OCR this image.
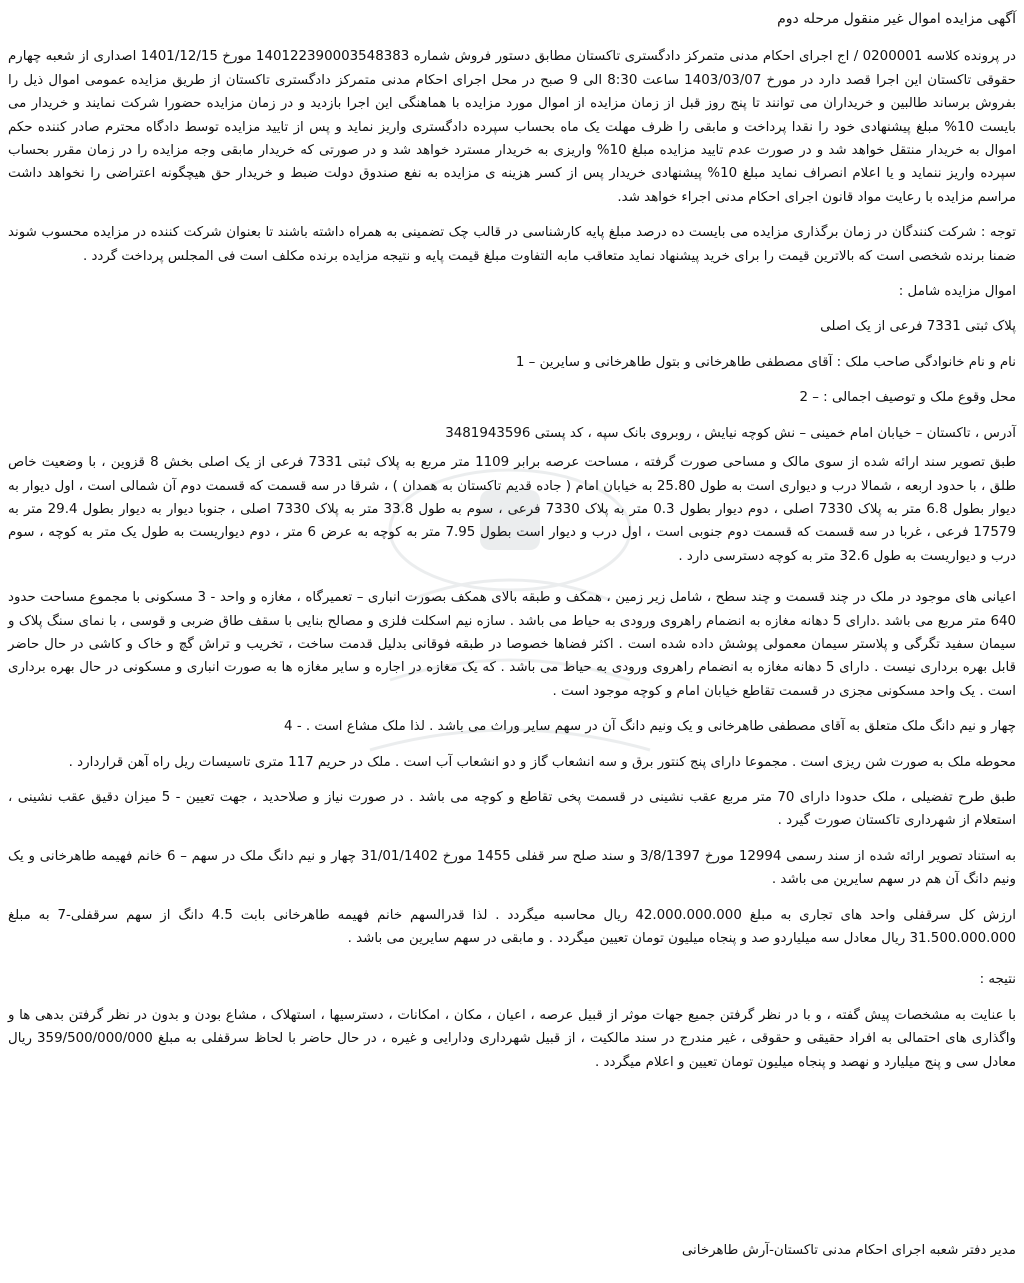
آگهی مزایده اموال غیر منقول مرحله دوم

در پرونده کلاسه 0200001 / اج اجرای احکام مدنی متمرکز دادگستری تاکستان مطابق دستور فروش شماره 140122390003548383 مورخ 1401/12/15 اصداری از شعبه چهارم حقوقی تاکستان این اجرا قصد دارد در مورخ 1403/03/07 ساعت 8:30 الی 9 صبح در محل اجرای احکام مدنی متمرکز دادگستری تاکستان از طریق مزایده عمومی اموال ذیل را بفروش برساند طالبین و خریداران می توانند تا پنج روز قبل از زمان مزایده از اموال مورد مزایده با هماهنگی این اجرا بازدید و در زمان مزایده حضورا شرکت نمایند و خریدار می بایست 10% مبلغ پیشنهادی خود را نقدا پرداخت و مابقی را ظرف مهلت یک ماه بحساب سپرده دادگستری واریز نماید و پس از تایید مزایده توسط دادگاه محترم صادر کننده حکم اموال به خریدار منتقل خواهد شد و در صورت عدم تایید مزایده مبلغ 10% واریزی به خریدار مسترد خواهد شد و در صورتی که خریدار مابقی وجه مزایده را در زمان مقرر بحساب سپرده واریز ننماید و یا اعلام انصراف نماید مبلغ 10% پیشنهادی خریدار پس از کسر هزینه ی مزایده به نفع صندوق دولت ضبط و خریدار حق هیچگونه اعتراضی را نخواهد داشت مراسم مزایده با رعایت مواد قانون اجرای احکام مدنی اجراء خواهد شد.

توجه : شرکت کنندگان در زمان برگذاری مزایده می بایست ده درصد مبلغ پایه کارشناسی در قالب چک تضمینی به همراه داشته باشند تا بعنوان شرکت کننده در مزایده محسوب شوند ضمنا برنده شخصی است که بالاترین قیمت را برای خرید پیشنهاد نماید متعاقب مابه التفاوت مبلغ قیمت پایه و نتیجه مزایده برنده مکلف است فی المجلس پرداخت گردد .

اموال مزایده شامل :

پلاک ثبتی 7331 فرعی از یک اصلی

نام و نام خانوادگی صاحب ملک : آقای مصطفی طاهرخانی و بتول طاهرخانی و سایرین – 1

محل وقوع ملک و توصیف اجمالی : – 2

آدرس ، تاکستان – خیابان امام خمینی – نش کوچه نیایش ، روبروی بانک سپه ، کد پستی 3481943596

طبق تصویر سند ارائه شده از سوی مالک و مساحی صورت گرفته ، مساحت عرصه برابر 1109 متر مربع به پلاک ثبتی 7331 فرعی از یک اصلی بخش 8 قزوین ، با وضعیت خاص طلق ، با حدود اربعه ، شمالا درب و دیواری است به طول 25.80 به خیابان امام ( جاده قدیم تاکستان به همدان ) ، شرقا در سه قسمت که قسمت دوم آن شمالی است ، اول دیوار به دیوار بطول 6.8 متر به پلاک 7330 اصلی ، دوم دیوار بطول 0.3 متر به پلاک 7330 فرعی ، سوم به طول 33.8 متر به پلاک 7330 اصلی ، جنوبا دیوار به دیوار بطول 29.4 متر به 17579 فرعی ، غربا در سه قسمت که قسمت دوم جنوبی است ، اول درب و دیوار است بطول 7.95 متر به کوچه به عرض 6 متر ، دوم دیواریست به طول یک متر به کوچه ، سوم درب و دیواریست به طول 32.6 متر به کوچه دسترسی دارد .

اعیانی های موجود در ملک در چند قسمت و چند سطح ، شامل زیر زمین ، همکف و طبقه بالای همکف بصورت انباری – تعمیرگاه ، مغازه و واحد - 3 مسکونی با مجموع مساحت حدود 640 متر مربع می باشد .دارای 5 دهانه مغازه به انضمام راهروی ورودی به حیاط می باشد . سازه نیم اسکلت فلزی و مصالح بنایی با سقف طاق ضربی و قوسی ، با نمای سنگ پلاک و سیمان سفید تگرگی و پلاستر سیمان معمولی پوشش داده شده است . اکثر فضاها خصوصا در طبقه فوقانی بدلیل قدمت ساخت ، تخریب و تراش گچ و خاک و کاشی در حال حاضر قابل بهره برداری نیست . دارای 5 دهانه مغازه به انضمام راهروی ورودی به حیاط می باشد . که یک مغازه در اجاره و سایر مغازه ها به صورت انباری و مسکونی در حال بهره برداری است . یک واحد مسکونی مجزی در قسمت تقاطع خیابان امام و کوچه موجود است .

چهار و نیم دانگ ملک متعلق به آقای مصطفی طاهرخانی و یک ونیم دانگ آن در سهم سایر وراث می باشد . لذا ملک مشاع است . - 4

محوطه ملک به صورت شن ریزی است . مجموعا دارای پنج کنتور برق و سه انشعاب گاز و دو انشعاب آب است . ملک در حریم 117 متری تاسیسات ریل راه آهن قراردارد .

طبق طرح تفضیلی ، ملک حدودا دارای 70 متر مربع عقب نشینی در قسمت پخی تقاطع و کوچه می باشد . در صورت نیاز و صلاحدید ، جهت تعیین - 5 میزان دقیق عقب نشینی ، استعلام از شهرداری تاکستان صورت گیرد .

به استناد تصویر ارائه شده از سند رسمی 12994 مورخ 3/8/1397 و سند صلح سر قفلی 1455 مورخ 31/01/1402 چهار و نیم دانگ ملک در سهم – 6 خانم فهیمه طاهرخانی و یک ونیم دانگ آن هم در سهم سایرین می باشد .

ارزش کل سرقفلی واحد های تجاری به مبلغ 42.000.000.000 ریال محاسبه میگردد . لذا قدرالسهم خانم فهیمه طاهرخانی بابت 4.5 دانگ از سهم سرقفلی-7 به مبلغ 31.500.000.000 ریال معادل سه میلیاردو صد و پنجاه میلیون تومان تعیین میگردد . و مابقی در سهم سایرین می باشد .

نتیجه :

با عنایت به مشخصات پیش گفته ، و با در نظر گرفتن جمیع جهات موثر از قبیل عرصه ، اعیان ، مکان ، امکانات ، دسترسیها ، استهلاک ، مشاع بودن و بدون در نظر گرفتن بدهی ها و واگذاری های احتمالی به افراد حقیقی و حقوقی ، غیر مندرج در سند مالکیت ، از قبیل شهرداری ودارایی و غیره ، در حال حاضر با لحاظ سرقفلی به مبلغ 359/500/000/000 ریال معادل سی و پنج میلیارد و نهصد و پنجاه میلیون تومان تعیین و اعلام میگردد .

مدیر دفتر شعبه اجرای احکام مدنی تاکستان-آرش طاهرخانی
